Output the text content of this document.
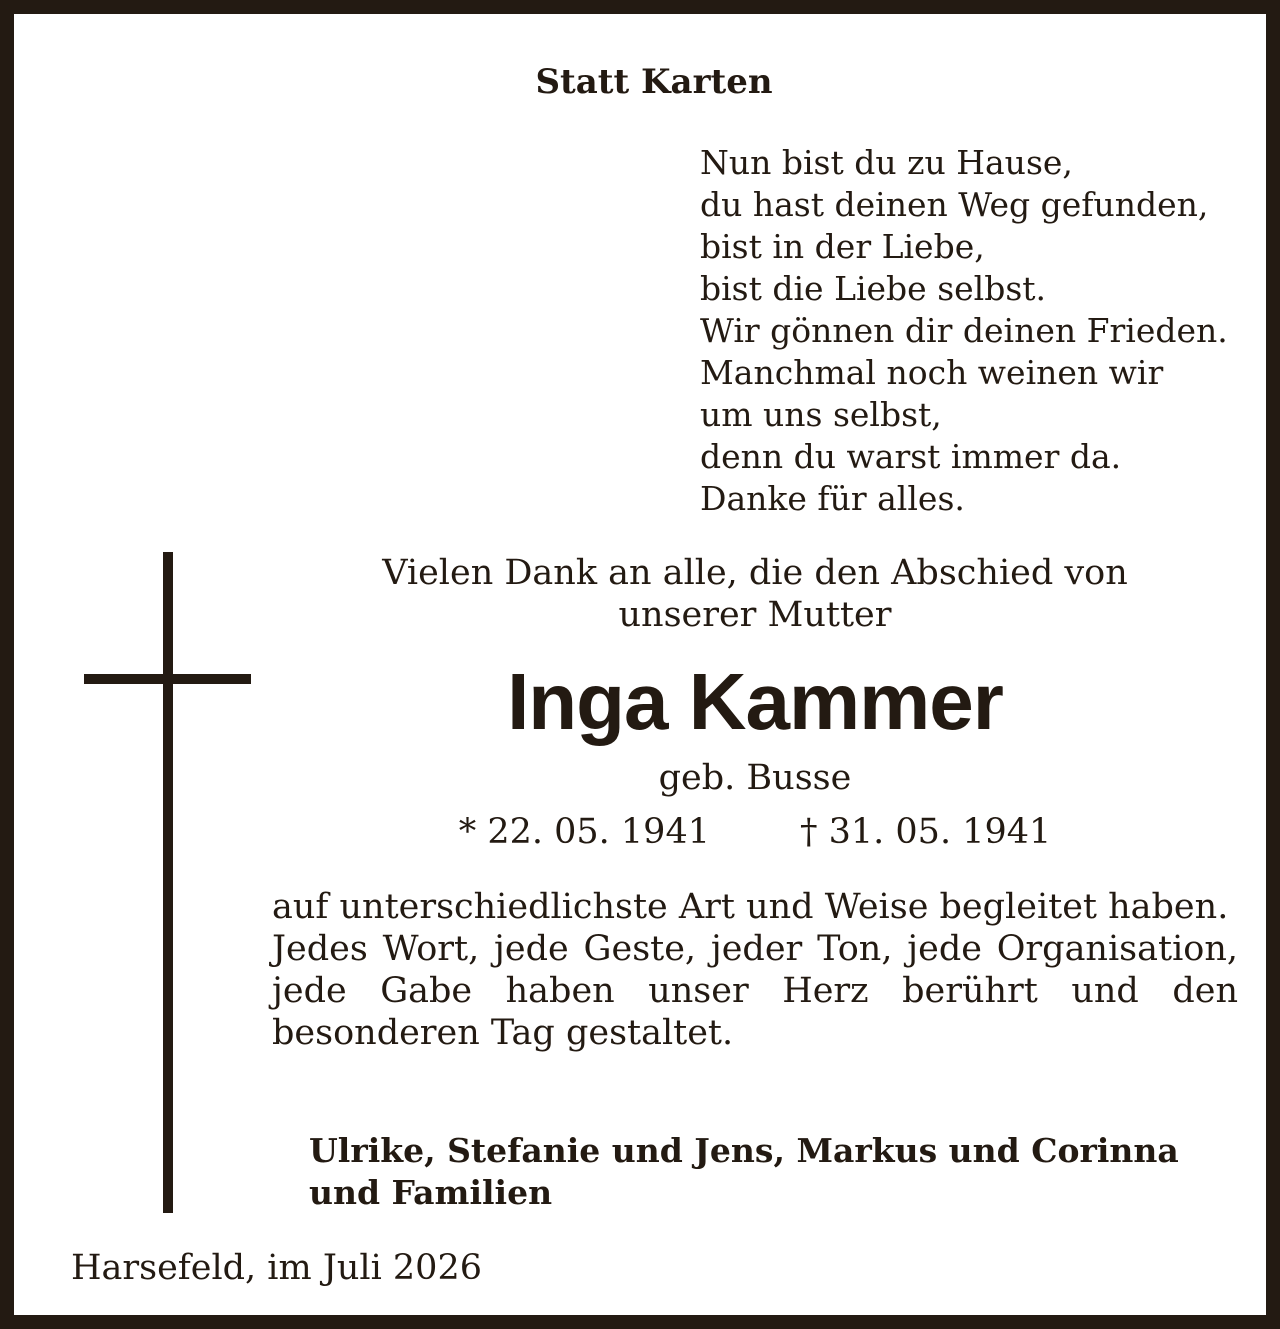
Statt Karten
Nun bist du zu Hause,
du hast deinen Weg gefunden,
bist in der Liebe,
bist die Liebe selbst.
Wir gönnen dir deinen Frieden.
Manchmal noch weinen wir
um uns selbst,
denn du warst immer da.
Danke für alles.
Vielen Dank an alle, die den Abschied von
unserer Mutter
Inga Kammer
geb. Busse
* 22. 05. 1941	† 31. 05. 1941

auf unterschiedlichste Art und Weise begleitet haben.

Jedes Wort, jede Geste, jeder Ton, jede Organisation, jede Gabe haben unser Herz berührt und den besonderen Tag gestaltet.

Ulrike, Stefanie und Jens, Markus und Corinna
und Familien
Harsefeld, im Juli 2026
